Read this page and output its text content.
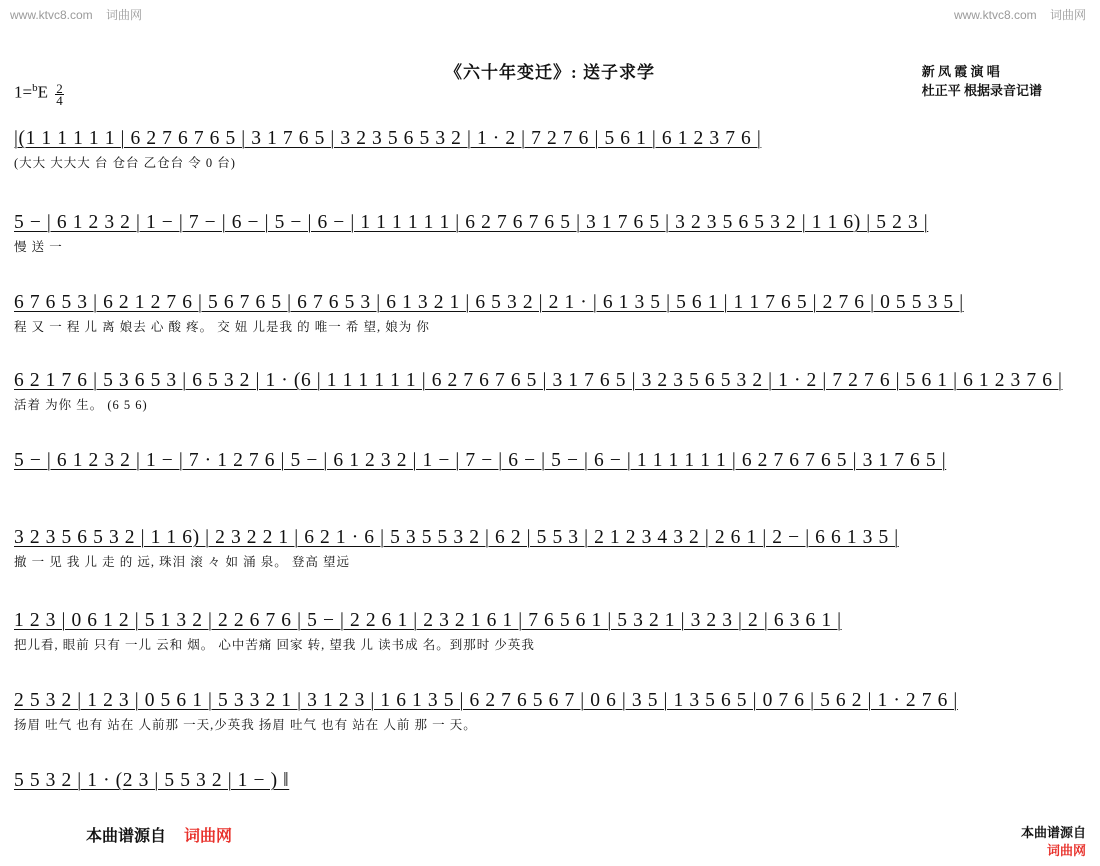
www.ktvc8.com 词曲网	www.ktvc8.com 词曲网
《六十年变迁》: 送子求学	新 凤 霞 演 唱
杜正平 根据录音记谱
$1=^bE \frac{2}{4}$
|(1 1 1 1 1 1 | 6 2 7 6 7 6 5 | 3 1 7 6 5 | 3 2 3 5 6 5 3 2 | 1 · 2 | 7 2 7 6 | 5 6 1 | 6 1 2 3 7 6 |
(大大 大大大 台 仓台 乙仓台 令 0 台)
5 − | 6 1 2 3 2 | 1 − | 7 − | 6 − | 5 − | 6 − | 1 1 1 1 1 1 | 6 2 7 6 7 6 5 | 3 1 7 6 5 | 3 2 3 5 6 5 3 2 | 1 1 6) | 5 2 3 |
慢 送 一
6 7 6 5 3 | 6 2 1 2 7 6 | 5 6 7 6 5 | 6 7 6 5 3 | 6 1 3 2 1 | 6 5 3 2 | 2 1 · | 6 1 3 5 | 5 6 1 | 1 1 7 6 5 | 2 7 6 | 0 5 5 3 5 |
程 又 一 程 儿 离 娘去 心 酸 疼。 交 妞 儿是我 的 唯一 希 望, 娘为 你
6 2 1 7 6 | 5 3 6 5 3 | 6 5 3 2 | 1 · (6 | 1 1 1 1 1 1 | 6 2 7 6 7 6 5 | 3 1 7 6 5 | 3 2 3 5 6 5 3 2 | 1 · 2 | 7 2 7 6 | 5 6 1 | 6 1 2 3 7 6 |
活着 为你 生。 (6 5 6)
5 − | 6 1 2 3 2 | 1 − | 7 · 1 2 7 6 | 5 − | 6 1 2 3 2 | 1 − | 7 − | 6 − | 5 − | 6 − | 1 1 1 1 1 1 | 6 2 7 6 7 6 5 | 3 1 7 6 5 |
3 2 3 5 6 5 3 2 | 1 1 6) | 2 3 2 2 1 | 6 2 1 · 6 | 5 3 5 5 3 2 | 6 2 | 5 5 3 | 2 1 2 3 4 3 2 | 2 6 1 | 2 − | 6 6 1 3 5 |
撤 一 见 我 儿 走 的 远, 珠泪 滚 々 如 涌 泉。 登高 望远
1 2 3 | 0 6 1 2 | 5 1 3 2 | 2 2 6 7 6 | 5 − | 2 2 6 1 | 2 3 2 1 6 1 | 7 6 5 6 1 | 5 3 2 1 | 3 2 3 | 2 | 6 3 6 1 |
把儿看, 眼前 只有 一儿 云和 烟。 心中苦痛 回家 转, 望我 儿 读书成 名。到那时 少英我
2 5 3 2 | 1 2 3 | 0 5 6 1 | 5 3 3 2 1 | 3 1 2 3 | 1 6 1 3 5 | 6 2 7 6 5 6 7 | 0 6 | 3 5 | 1 3 5 6 5 | 0 7 6 | 5 6 2 | 1 · 2 7 6 |
扬眉 吐气 也有 站在 人前那 一天,少英我 扬眉 吐气 也有 站在 人前 那 一 天。
5 5 3 2 | 1 · (2 3 | 5 5 3 2 | 1 − ) ‖
本曲谱源自 词曲网	本曲谱源自
词曲网
